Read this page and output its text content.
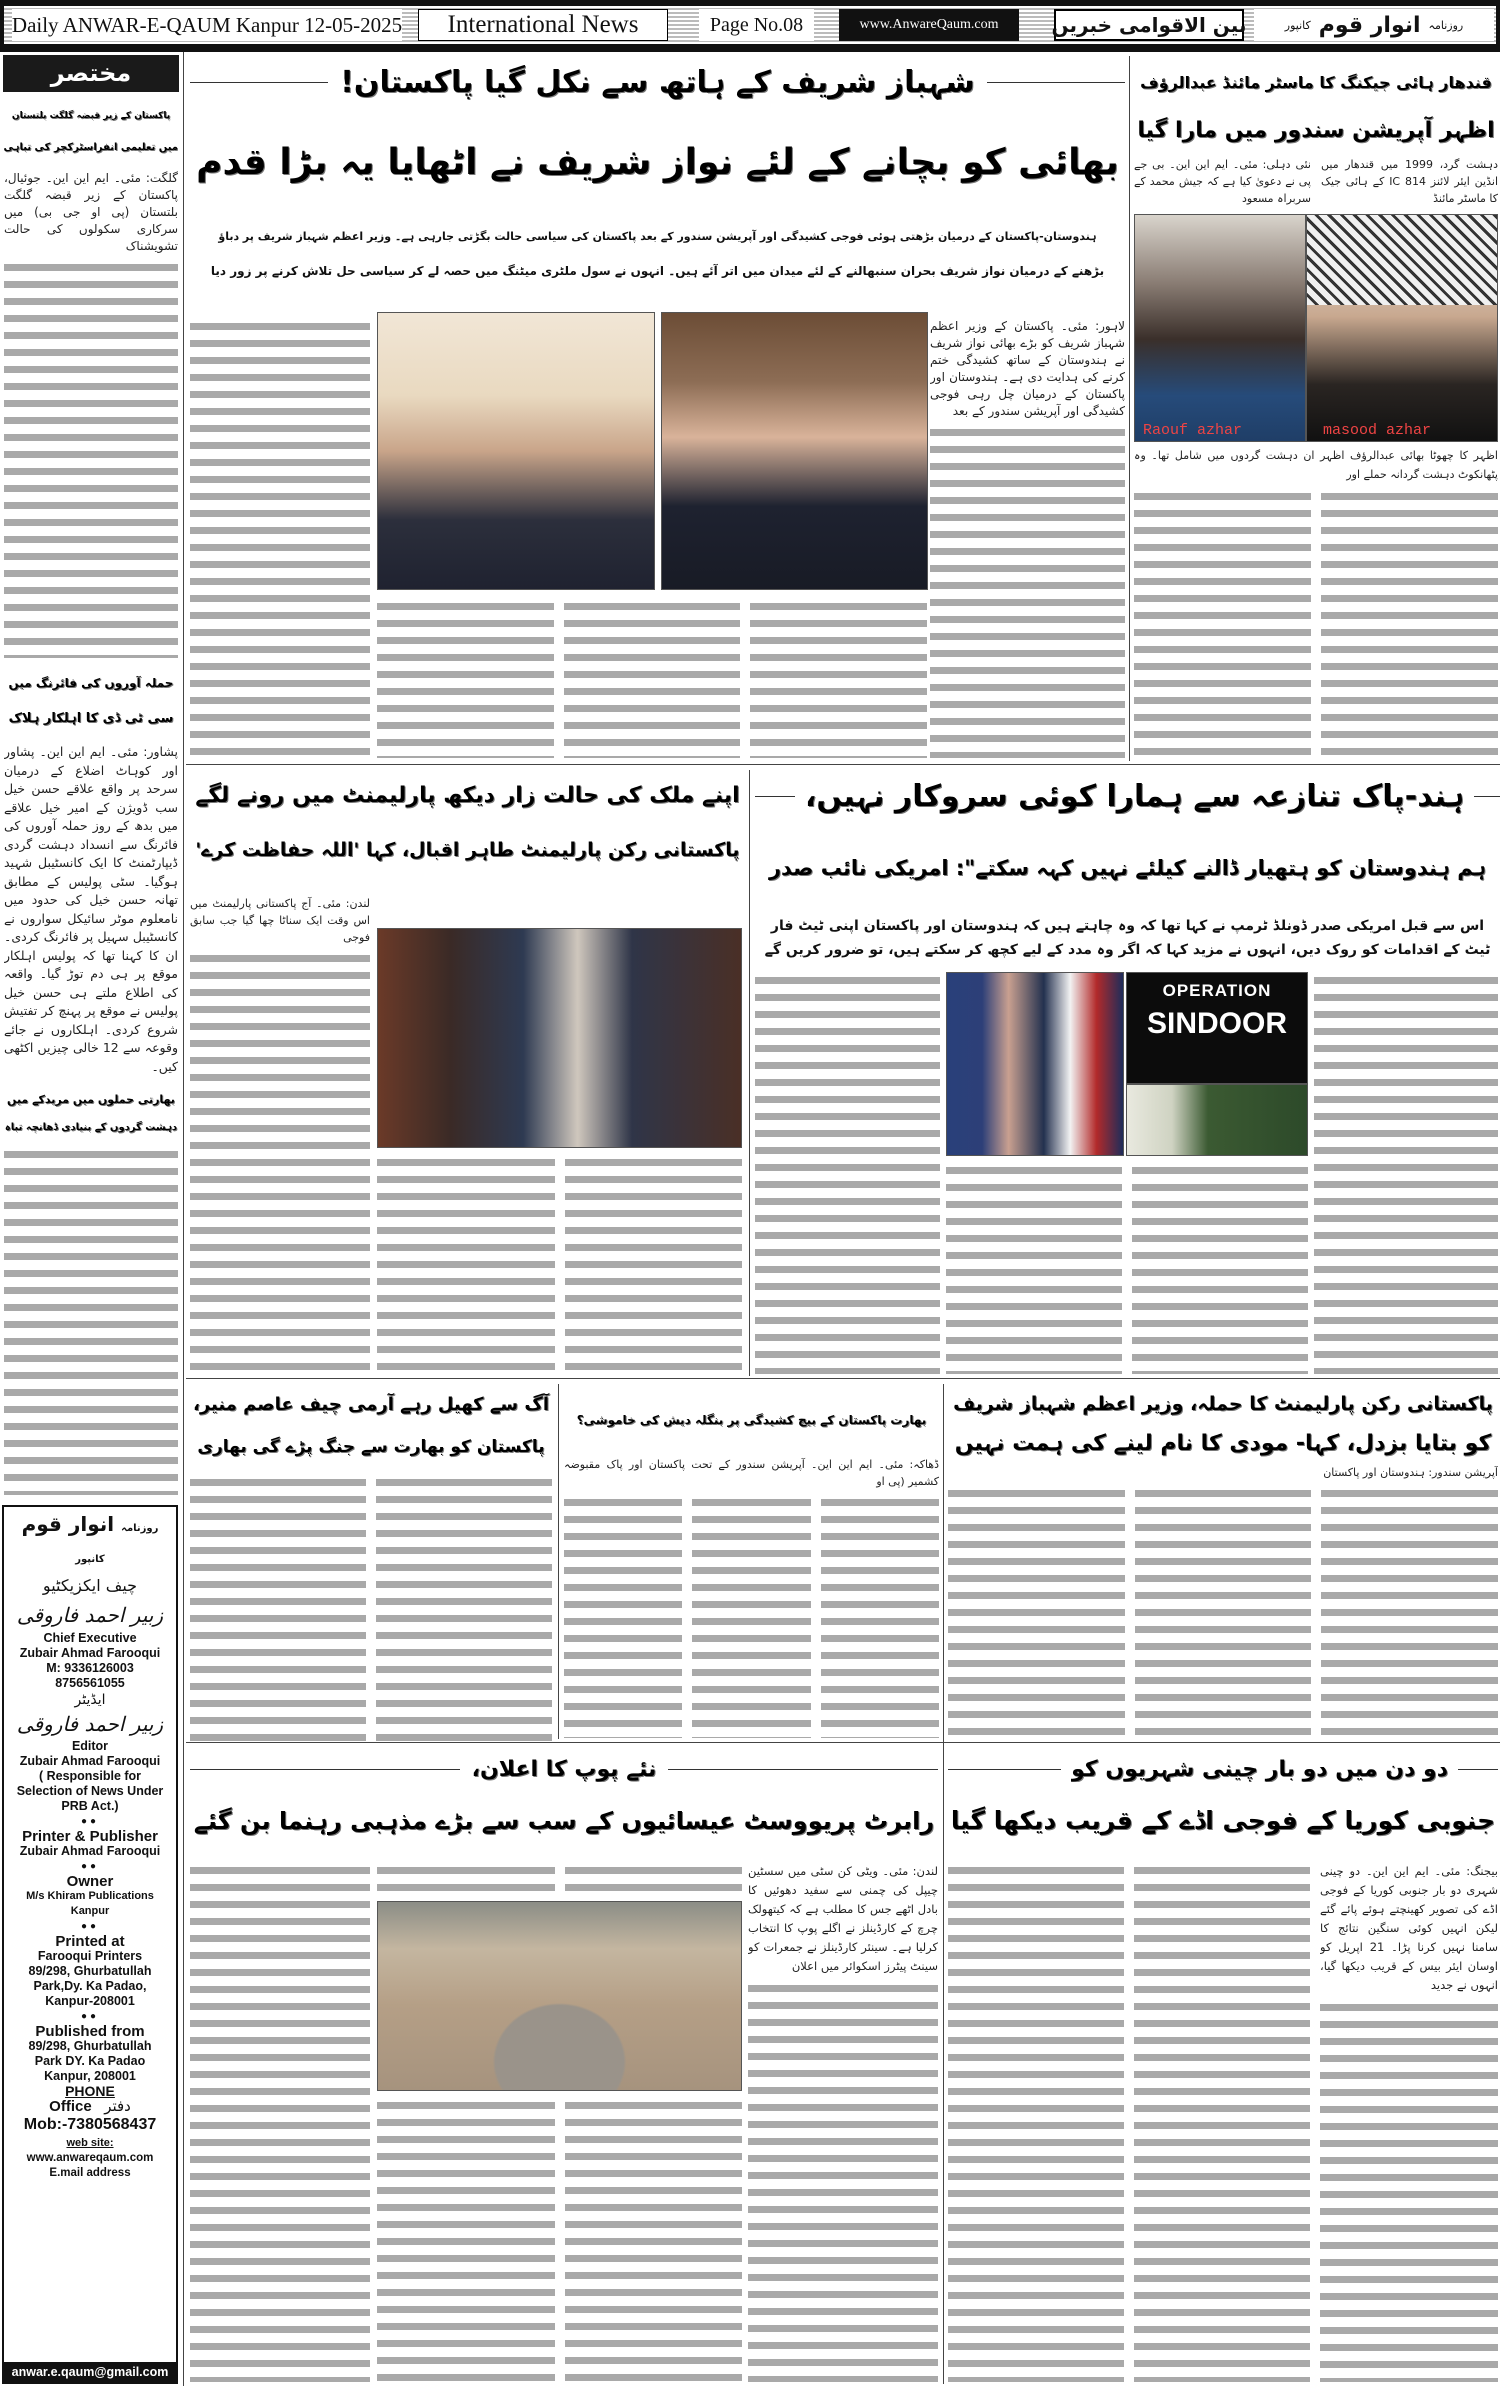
Daily ANWAR-E-QAUM Kanpur 12-05-2025	International News	Page No.08	www.AnwareQaum.com	بین الاقوامی خبریں	روزنامہ
انوار قوم
کانپور
مختصر
پاکستان کے زیر قبضہ گلگت بلتستان
میں تعلیمی انفراسٹرکچر کی تباہی
گلگت: مئی۔ ایم این این۔ جوئیال، پاکستان کے زیر قبضہ گلگت بلتستان (پی او جی بی) میں سرکاری سکولوں کی حالت تشویشناک
حملہ آوروں کی فائرنگ میں
سی ٹی ڈی کا اہلکار ہلاک
پشاور: مئی۔ ایم این این۔ پشاور اور کوہاٹ اضلاع کے درمیان سرحد پر واقع علاقے حسن خیل سب ڈویژن کے امیر خیل علاقے میں بدھ کے روز حملہ آوروں کی فائرنگ سے انسداد دہشت گردی ڈیپارٹمنٹ کا ایک کانسٹیبل شہید ہوگیا۔ سٹی پولیس کے مطابق تھانہ حسن خیل کی حدود میں نامعلوم موٹر سائیکل سواروں نے کانسٹیبل سہیل پر فائرنگ کردی۔ ان کا کہنا تھا کہ پولیس اہلکار موقع پر ہی دم توڑ گیا۔ واقعہ کی اطلاع ملتے ہی حسن خیل پولیس نے موقع پر پہنچ کر تفتیش شروع کردی۔ اہلکاروں نے جائے وقوعہ سے 12 خالی چیزیں اکٹھی کیں۔
بھارتی حملوں میں مریدکے میں
دہشت گردوں کے بنیادی ڈھانچہ تباہ
روزنامہ انوار قوم کانپور
چیف ایکزیکٹیو
زبیر احمد فاروقی
Chief Executive
Zubair Ahmad Farooqui
M: 9336126003
8756561055
ایڈیٹر
زبیر احمد فاروقی
Editor
Zubair Ahmad Farooqui
( Responsible for Selection of News Under PRB Act.)
●●
Printer & Publisher
Zubair Ahmad Farooqui
●●
Owner
M/s Khiram Publications Kanpur
●●
Printed at
Farooqui Printers 89/298, Ghurbatullah Park,Dy. Ka Padao, Kanpur-208001
●●
Published from
89/298, Ghurbatullah Park DY. Ka Padao Kanpur, 208001
PHONE
Office دفتر
Mob:-7380568437
web site:
www.anwareqaum.com
E.mail address
anwar.e.qaum@gmail.com
شہباز شریف کے ہاتھ سے نکل گیا پاکستان!
بھائی کو بچانے کے لئے نواز شریف نے اٹھایا یہ بڑا قدم
ہندوستان-پاکستان کے درمیان بڑھتی ہوئی فوجی کشیدگی اور آپریشن سندور کے بعد پاکستان کی سیاسی حالت بگڑتی جارہی ہے۔ وزیر اعظم شہباز شریف پر دباؤ
بڑھنے کے درمیان نواز شریف بحران سنبھالنے کے لئے میدان میں اتر آئے ہیں۔ انہوں نے سول ملٹری میٹنگ میں حصہ لے کر سیاسی حل تلاش کرنے پر زور دیا
لاہور: مئی۔ پاکستان کے وزیر اعظم شہباز شریف کو بڑے بھائی نواز شریف نے ہندوستان کے ساتھ کشیدگی ختم کرنے کی ہدایت دی ہے۔ ہندوستان اور پاکستان کے درمیان چل رہی فوجی کشیدگی اور آپریشن سندور کے بعد
قندھار ہائی جیکنگ کا ماسٹر مائنڈ عبدالرؤف
اظہر آپریشن سندور میں مارا گیا
نئی دہلی: مئی۔ ایم این این۔ بی جے پی نے دعویٰ کیا ہے کہ جیش محمد کے سربراہ مسعود
دہشت گرد، 1999 میں قندھار میں انڈین ایئر لائنز IC 814 کے ہائی جیک کا ماسٹر مائنڈ
Raouf azhar	masood azhar
اظہر کا چھوٹا بھائی عبدالرؤف اظہر ان دہشت گردوں میں شامل تھا۔ وہ پٹھانکوٹ دہشت گردانہ حملے اور
اپنے ملک کی حالت زار دیکھ پارلیمنٹ میں رونے لگے
پاکستانی رکن پارلیمنٹ طاہر اقبال، کہا 'اللہ حفاظت کرے'
لندن: مئی۔ آج پاکستانی پارلیمنٹ میں اس وقت ایک سناٹا چھا گیا جب سابق فوجی
ہند-پاک تنازعہ سے ہمارا کوئی سروکار نہیں،
ہم ہندوستان کو ہتھیار ڈالنے کیلئے نہیں کہہ سکتے": امریکی نائب صدر
اس سے قبل امریکی صدر ڈونلڈ ٹرمپ نے کہا تھا کہ وہ چاہتے ہیں کہ ہندوستان اور پاکستان اپنی ٹیٹ فار
ٹیٹ کے اقدامات کو روک دیں، انہوں نے مزید کہا کہ اگر وہ مدد کے لیے کچھ کر سکتے ہیں، تو ضرور کریں گے
OPERATION
SINDOOR
آگ سے کھیل رہے آرمی چیف عاصم منیر،
پاکستان کو بھارت سے جنگ پڑے گی بھاری
بھارت پاکستان کے بیچ کشیدگی پر بنگلہ دیش کی خاموشی؟
ڈھاکہ: مئی۔ ایم این این۔ آپریشن سندور کے تحت پاکستان اور پاک مقبوضہ کشمیر (پی او
پاکستانی رکن پارلیمنٹ کا حملہ، وزیر اعظم شہباز شریف
کو بتایا بزدل، کہا- مودی کا نام لینے کی ہمت نہیں
آپریشن سندور: ہندوستان اور پاکستان
دو دن میں دو بار چینی شہریوں کو
جنوبی کوریا کے فوجی اڈے کے قریب دیکھا گیا
بیجنگ: مئی۔ ایم این این۔ دو چینی شہری دو بار جنوبی کوریا کے فوجی اڈے کی تصویر کھینچتے ہوئے پائے گئے لیکن انہیں کوئی سنگین نتائج کا سامنا نہیں کرنا پڑا۔ 21 اپریل کو اوسان ایئر بیس کے قریب دیکھا گیا، انہوں نے جدید
نئے پوپ کا اعلان،
رابرٹ پریووسٹ عیسائیوں کے سب سے بڑے مذہبی رہنما بن گئے
لندن: مئی۔ ویٹی کن سٹی میں سسٹین چیپل کی چمنی سے سفید دھوئیں کا بادل اٹھے جس کا مطلب ہے کہ کیتھولک چرچ کے کارڈینلز نے اگلے پوپ کا انتخاب کرلیا ہے۔ سینئر کارڈینلز نے جمعرات کو سینٹ پیٹرز اسکوائر میں اعلان
